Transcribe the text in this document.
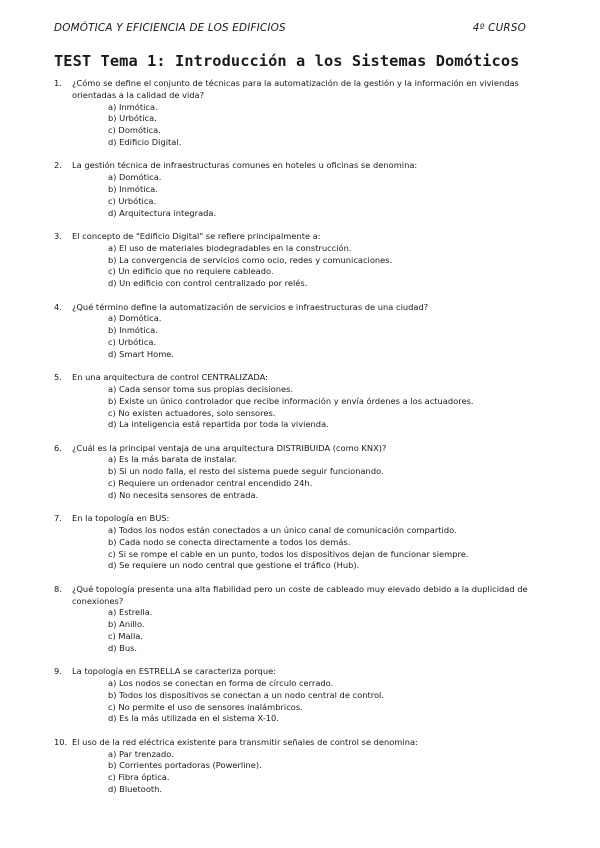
DOMÓTICA Y EFICIENCIA DE LOS EDIFICIOS	4º CURSO
TEST Tema 1: Introducción a los Sistemas Domóticos
1. ¿Cómo se define el conjunto de técnicas para la automatización de la gestión y la información en viviendas orientadas a la calidad de vida?
a) Inmótica.
b) Urbótica.
c) Domótica.
d) Edificio Digital.
2. La gestión técnica de infraestructuras comunes en hoteles u oficinas se denomina:
a) Domótica.
b) Inmótica.
c) Urbótica.
d) Arquitectura integrada.
3. El concepto de "Edificio Digital" se refiere principalmente a:
a) El uso de materiales biodegradables en la construcción.
b) La convergencia de servicios como ocio, redes y comunicaciones.
c) Un edificio que no requiere cableado.
d) Un edificio con control centralizado por relés.
4. ¿Qué término define la automatización de servicios e infraestructuras de una ciudad?
a) Domótica.
b) Inmótica.
c) Urbótica.
d) Smart Home.
5. En una arquitectura de control CENTRALIZADA:
a) Cada sensor toma sus propias decisiones.
b) Existe un único controlador que recibe información y envía órdenes a los actuadores.
c) No existen actuadores, solo sensores.
d) La inteligencia está repartida por toda la vivienda.
6. ¿Cuál es la principal ventaja de una arquitectura DISTRIBUIDA (como KNX)?
a) Es la más barata de instalar.
b) Si un nodo falla, el resto del sistema puede seguir funcionando.
c) Requiere un ordenador central encendido 24h.
d) No necesita sensores de entrada.
7. En la topología en BUS:
a) Todos los nodos están conectados a un único canal de comunicación compartido.
b) Cada nodo se conecta directamente a todos los demás.
c) Si se rompe el cable en un punto, todos los dispositivos dejan de funcionar siempre.
d) Se requiere un nodo central que gestione el tráfico (Hub).
8. ¿Qué topología presenta una alta fiabilidad pero un coste de cableado muy elevado debido a la duplicidad de conexiones?
a) Estrella.
b) Anillo.
c) Malla.
d) Bus.
9. La topología en ESTRELLA se caracteriza porque:
a) Los nodos se conectan en forma de círculo cerrado.
b) Todos los dispositivos se conectan a un nodo central de control.
c) No permite el uso de sensores inalámbricos.
d) Es la más utilizada en el sistema X-10.
10. El uso de la red eléctrica existente para transmitir señales de control se denomina:
a) Par trenzado.
b) Corrientes portadoras (Powerline).
c) Fibra óptica.
d) Bluetooth.
